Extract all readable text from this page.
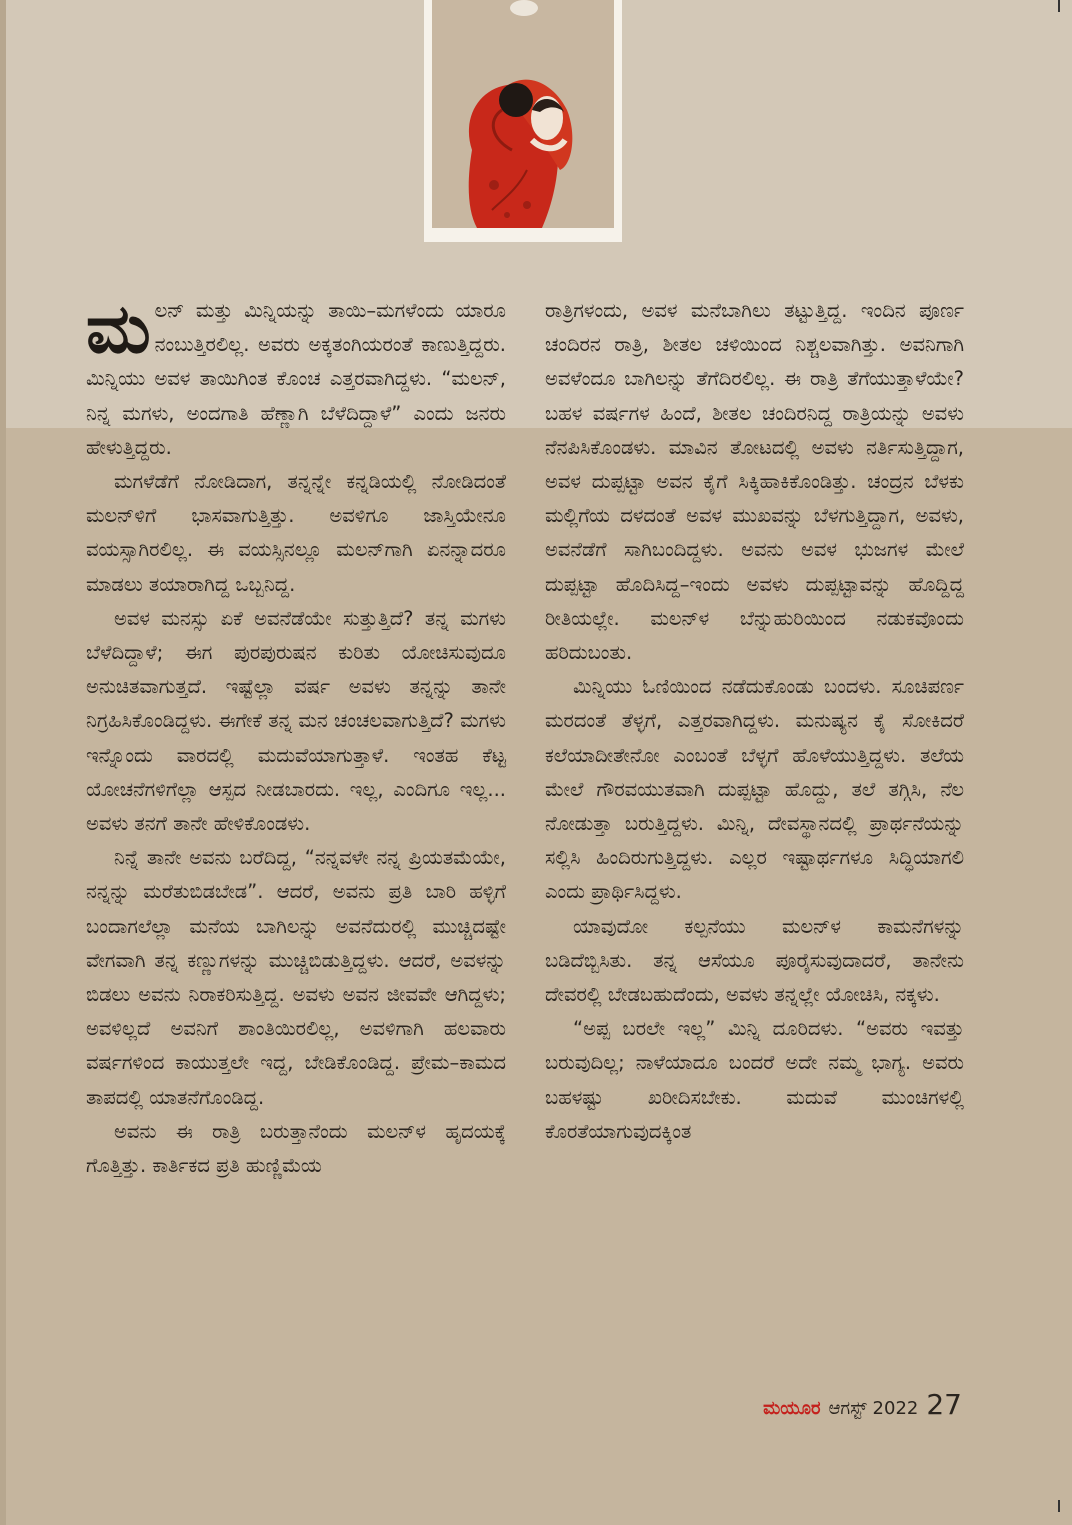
ಮಲನ್ ಮತ್ತು ಮಿನ್ನಿಯನ್ನು ತಾಯಿ–ಮಗಳೆಂದು ಯಾರೂ ನಂಬುತ್ತಿರಲಿಲ್ಲ. ಅವರು ಅಕ್ಕತಂಗಿಯರಂತೆ ಕಾಣುತ್ತಿದ್ದರು. ಮಿನ್ನಿಯು ಅವಳ ತಾಯಿಗಿಂತ ಕೊಂಚ ಎತ್ತರವಾಗಿದ್ದಳು. “ಮಲನ್, ನಿನ್ನ ಮಗಳು, ಅಂದಗಾತಿ ಹೆಣ್ಣಾಗಿ ಬೆಳೆದಿದ್ದಾಳೆ” ಎಂದು ಜನರು ಹೇಳುತ್ತಿದ್ದರು.

ಮಗಳೆಡೆಗೆ ನೋಡಿದಾಗ, ತನ್ನನ್ನೇ ಕನ್ನಡಿಯಲ್ಲಿ ನೋಡಿದಂತೆ ಮಲನ್‌ಳಿಗೆ ಭಾಸವಾಗುತ್ತಿತ್ತು. ಅವಳಿಗೂ ಜಾಸ್ತಿಯೇನೂ ವಯಸ್ಸಾಗಿರಲಿಲ್ಲ. ಈ ವಯಸ್ಸಿನಲ್ಲೂ ಮಲನ್‌ಗಾಗಿ ಏನನ್ನಾದರೂ ಮಾಡಲು ತಯಾರಾಗಿದ್ದ ಒಬ್ಬನಿದ್ದ.

ಅವಳ ಮನಸ್ಸು ಏಕೆ ಅವನೆಡೆಯೇ ಸುತ್ತುತ್ತಿದೆ? ತನ್ನ ಮಗಳು ಬೆಳೆದಿದ್ದಾಳೆ; ಈಗ ಪುರಪುರುಷನ ಕುರಿತು ಯೋಚಿಸುವುದೂ ಅನುಚಿತವಾಗುತ್ತದೆ. ಇಷ್ಟೆಲ್ಲಾ ವರ್ಷ ಅವಳು ತನ್ನನ್ನು ತಾನೇ ನಿಗ್ರಹಿಸಿಕೊಂಡಿದ್ದಳು. ಈಗೇಕೆ ತನ್ನ ಮನ ಚಂಚಲವಾಗುತ್ತಿದೆ? ಮಗಳು ಇನ್ನೊಂದು ವಾರದಲ್ಲಿ ಮದುವೆಯಾಗುತ್ತಾಳೆ. ಇಂತಹ ಕೆಟ್ಟ ಯೋಚನೆಗಳಿಗೆಲ್ಲಾ ಆಸ್ಪದ ನೀಡಬಾರದು. ಇಲ್ಲ, ಎಂದಿಗೂ ಇಲ್ಲ... ಅವಳು ತನಗೆ ತಾನೇ ಹೇಳಿಕೊಂಡಳು.

ನಿನ್ನೆ ತಾನೇ ಅವನು ಬರೆದಿದ್ದ, “ನನ್ನವಳೇ ನನ್ನ ಪ್ರಿಯತಮೆಯೇ, ನನ್ನನ್ನು ಮರೆತುಬಿಡಬೇಡ”. ಆದರೆ, ಅವನು ಪ್ರತಿ ಬಾರಿ ಹಳ್ಳಿಗೆ ಬಂದಾಗಲೆಲ್ಲಾ ಮನೆಯ ಬಾಗಿಲನ್ನು ಅವನೆದುರಲ್ಲಿ ಮುಚ್ಚಿದಷ್ಟೇ ವೇಗವಾಗಿ ತನ್ನ ಕಣ್ಣುಗಳನ್ನು ಮುಚ್ಚಿಬಿಡುತ್ತಿದ್ದಳು. ಆದರೆ, ಅವಳನ್ನು ಬಿಡಲು ಅವನು ನಿರಾಕರಿಸುತ್ತಿದ್ದ. ಅವಳು ಅವನ ಜೀವವೇ ಆಗಿದ್ದಳು; ಅವಳಿಲ್ಲದೆ ಅವನಿಗೆ ಶಾಂತಿಯಿರಲಿಲ್ಲ, ಅವಳಿಗಾಗಿ ಹಲವಾರು ವರ್ಷಗಳಿಂದ ಕಾಯುತ್ತಲೇ ಇದ್ದ, ಬೇಡಿಕೊಂಡಿದ್ದ. ಪ್ರೇಮ–ಕಾಮದ ತಾಪದಲ್ಲಿ ಯಾತನೆಗೊಂಡಿದ್ದ.

ಅವನು ಈ ರಾತ್ರಿ ಬರುತ್ತಾನೆಂದು ಮಲನ್‌ಳ ಹೃದಯಕ್ಕೆ ಗೊತ್ತಿತ್ತು. ಕಾರ್ತಿಕದ ಪ್ರತಿ ಹುಣ್ಣಿಮೆಯ

ರಾತ್ರಿಗಳಂದು, ಅವಳ ಮನೆಬಾಗಿಲು ತಟ್ಟುತ್ತಿದ್ದ. ಇಂದಿನ ಪೂರ್ಣ ಚಂದಿರನ ರಾತ್ರಿ, ಶೀತಲ ಚಳಿಯಿಂದ ನಿಶ್ಚಲವಾಗಿತ್ತು. ಅವನಿಗಾಗಿ ಅವಳೆಂದೂ ಬಾಗಿಲನ್ನು ತೆಗೆದಿರಲಿಲ್ಲ. ಈ ರಾತ್ರಿ ತೆಗೆಯುತ್ತಾಳೆಯೇ? ಬಹಳ ವರ್ಷಗಳ ಹಿಂದೆ, ಶೀತಲ ಚಂದಿರನಿದ್ದ ರಾತ್ರಿಯನ್ನು ಅವಳು ನೆನಪಿಸಿಕೊಂಡಳು. ಮಾವಿನ ತೋಟದಲ್ಲಿ ಅವಳು ನರ್ತಿಸುತ್ತಿದ್ದಾಗ, ಅವಳ ದುಪ್ಪಟ್ಟಾ ಅವನ ಕೈಗೆ ಸಿಕ್ಕಿಹಾಕಿಕೊಂಡಿತ್ತು. ಚಂದ್ರನ ಬೆಳಕು ಮಲ್ಲಿಗೆಯ ದಳದಂತೆ ಅವಳ ಮುಖವನ್ನು ಬೆಳಗುತ್ತಿದ್ದಾಗ, ಅವಳು, ಅವನೆಡೆಗೆ ಸಾಗಿಬಂದಿದ್ದಳು. ಅವನು ಅವಳ ಭುಜಗಳ ಮೇಲೆ ದುಪ್ಪಟ್ಟಾ ಹೊದಿಸಿದ್ದ–ಇಂದು ಅವಳು ದುಪ್ಪಟ್ಟಾವನ್ನು ಹೊದ್ದಿದ್ದ ರೀತಿಯಲ್ಲೇ. ಮಲನ್‌ಳ ಬೆನ್ನುಹುರಿಯಿಂದ ನಡುಕವೊಂದು ಹರಿದುಬಂತು.

ಮಿನ್ನಿಯು ಓಣಿಯಿಂದ ನಡೆದುಕೊಂಡು ಬಂದಳು. ಸೂಚಿಪರ್ಣ ಮರದಂತೆ ತೆಳ್ಳಗೆ, ಎತ್ತರವಾಗಿದ್ದಳು. ಮನುಷ್ಯನ ಕೈ ಸೋಕಿದರೆ ಕಲೆಯಾದೀತೇನೋ ಎಂಬಂತೆ ಬೆಳ್ಳಗೆ ಹೊಳೆಯುತ್ತಿದ್ದಳು. ತಲೆಯ ಮೇಲೆ ಗೌರವಯುತವಾಗಿ ದುಪ್ಪಟ್ಟಾ ಹೊದ್ದು, ತಲೆ ತಗ್ಗಿಸಿ, ನೆಲ ನೋಡುತ್ತಾ ಬರುತ್ತಿದ್ದಳು. ಮಿನ್ನಿ, ದೇವಸ್ಥಾನದಲ್ಲಿ ಪ್ರಾರ್ಥನೆಯನ್ನು ಸಲ್ಲಿಸಿ ಹಿಂದಿರುಗುತ್ತಿದ್ದಳು. ಎಲ್ಲರ ಇಷ್ಟಾರ್ಥಗಳೂ ಸಿದ್ಧಿಯಾಗಲಿ ಎಂದು ಪ್ರಾರ್ಥಿಸಿದ್ದಳು.

ಯಾವುದೋ ಕಲ್ಪನೆಯು ಮಲನ್‌ಳ ಕಾಮನೆಗಳನ್ನು ಬಡಿದೆಬ್ಬಿಸಿತು. ತನ್ನ ಆಸೆಯೂ ಪೂರೈಸುವುದಾದರೆ, ತಾನೇನು ದೇವರಲ್ಲಿ ಬೇಡಬಹುದೆಂದು, ಅವಳು ತನ್ನಲ್ಲೇ ಯೋಚಿಸಿ, ನಕ್ಕಳು.

“ಅಪ್ಪ ಬರಲೇ ಇಲ್ಲ” ಮಿನ್ನಿ ದೂರಿದಳು. “ಅವರು ಇವತ್ತು ಬರುವುದಿಲ್ಲ; ನಾಳೆಯಾದೂ ಬಂದರೆ ಅದೇ ನಮ್ಮ ಭಾಗ್ಯ. ಅವರು ಬಹಳಷ್ಟು ಖರೀದಿಸಬೇಕು. ಮದುವೆ ಮುಂಚಿಗಳಲ್ಲಿ ಕೊರತೆಯಾಗುವುದಕ್ಕಿಂತ

ಮಯೂರ ಆಗಸ್ಟ್ 2022 27
